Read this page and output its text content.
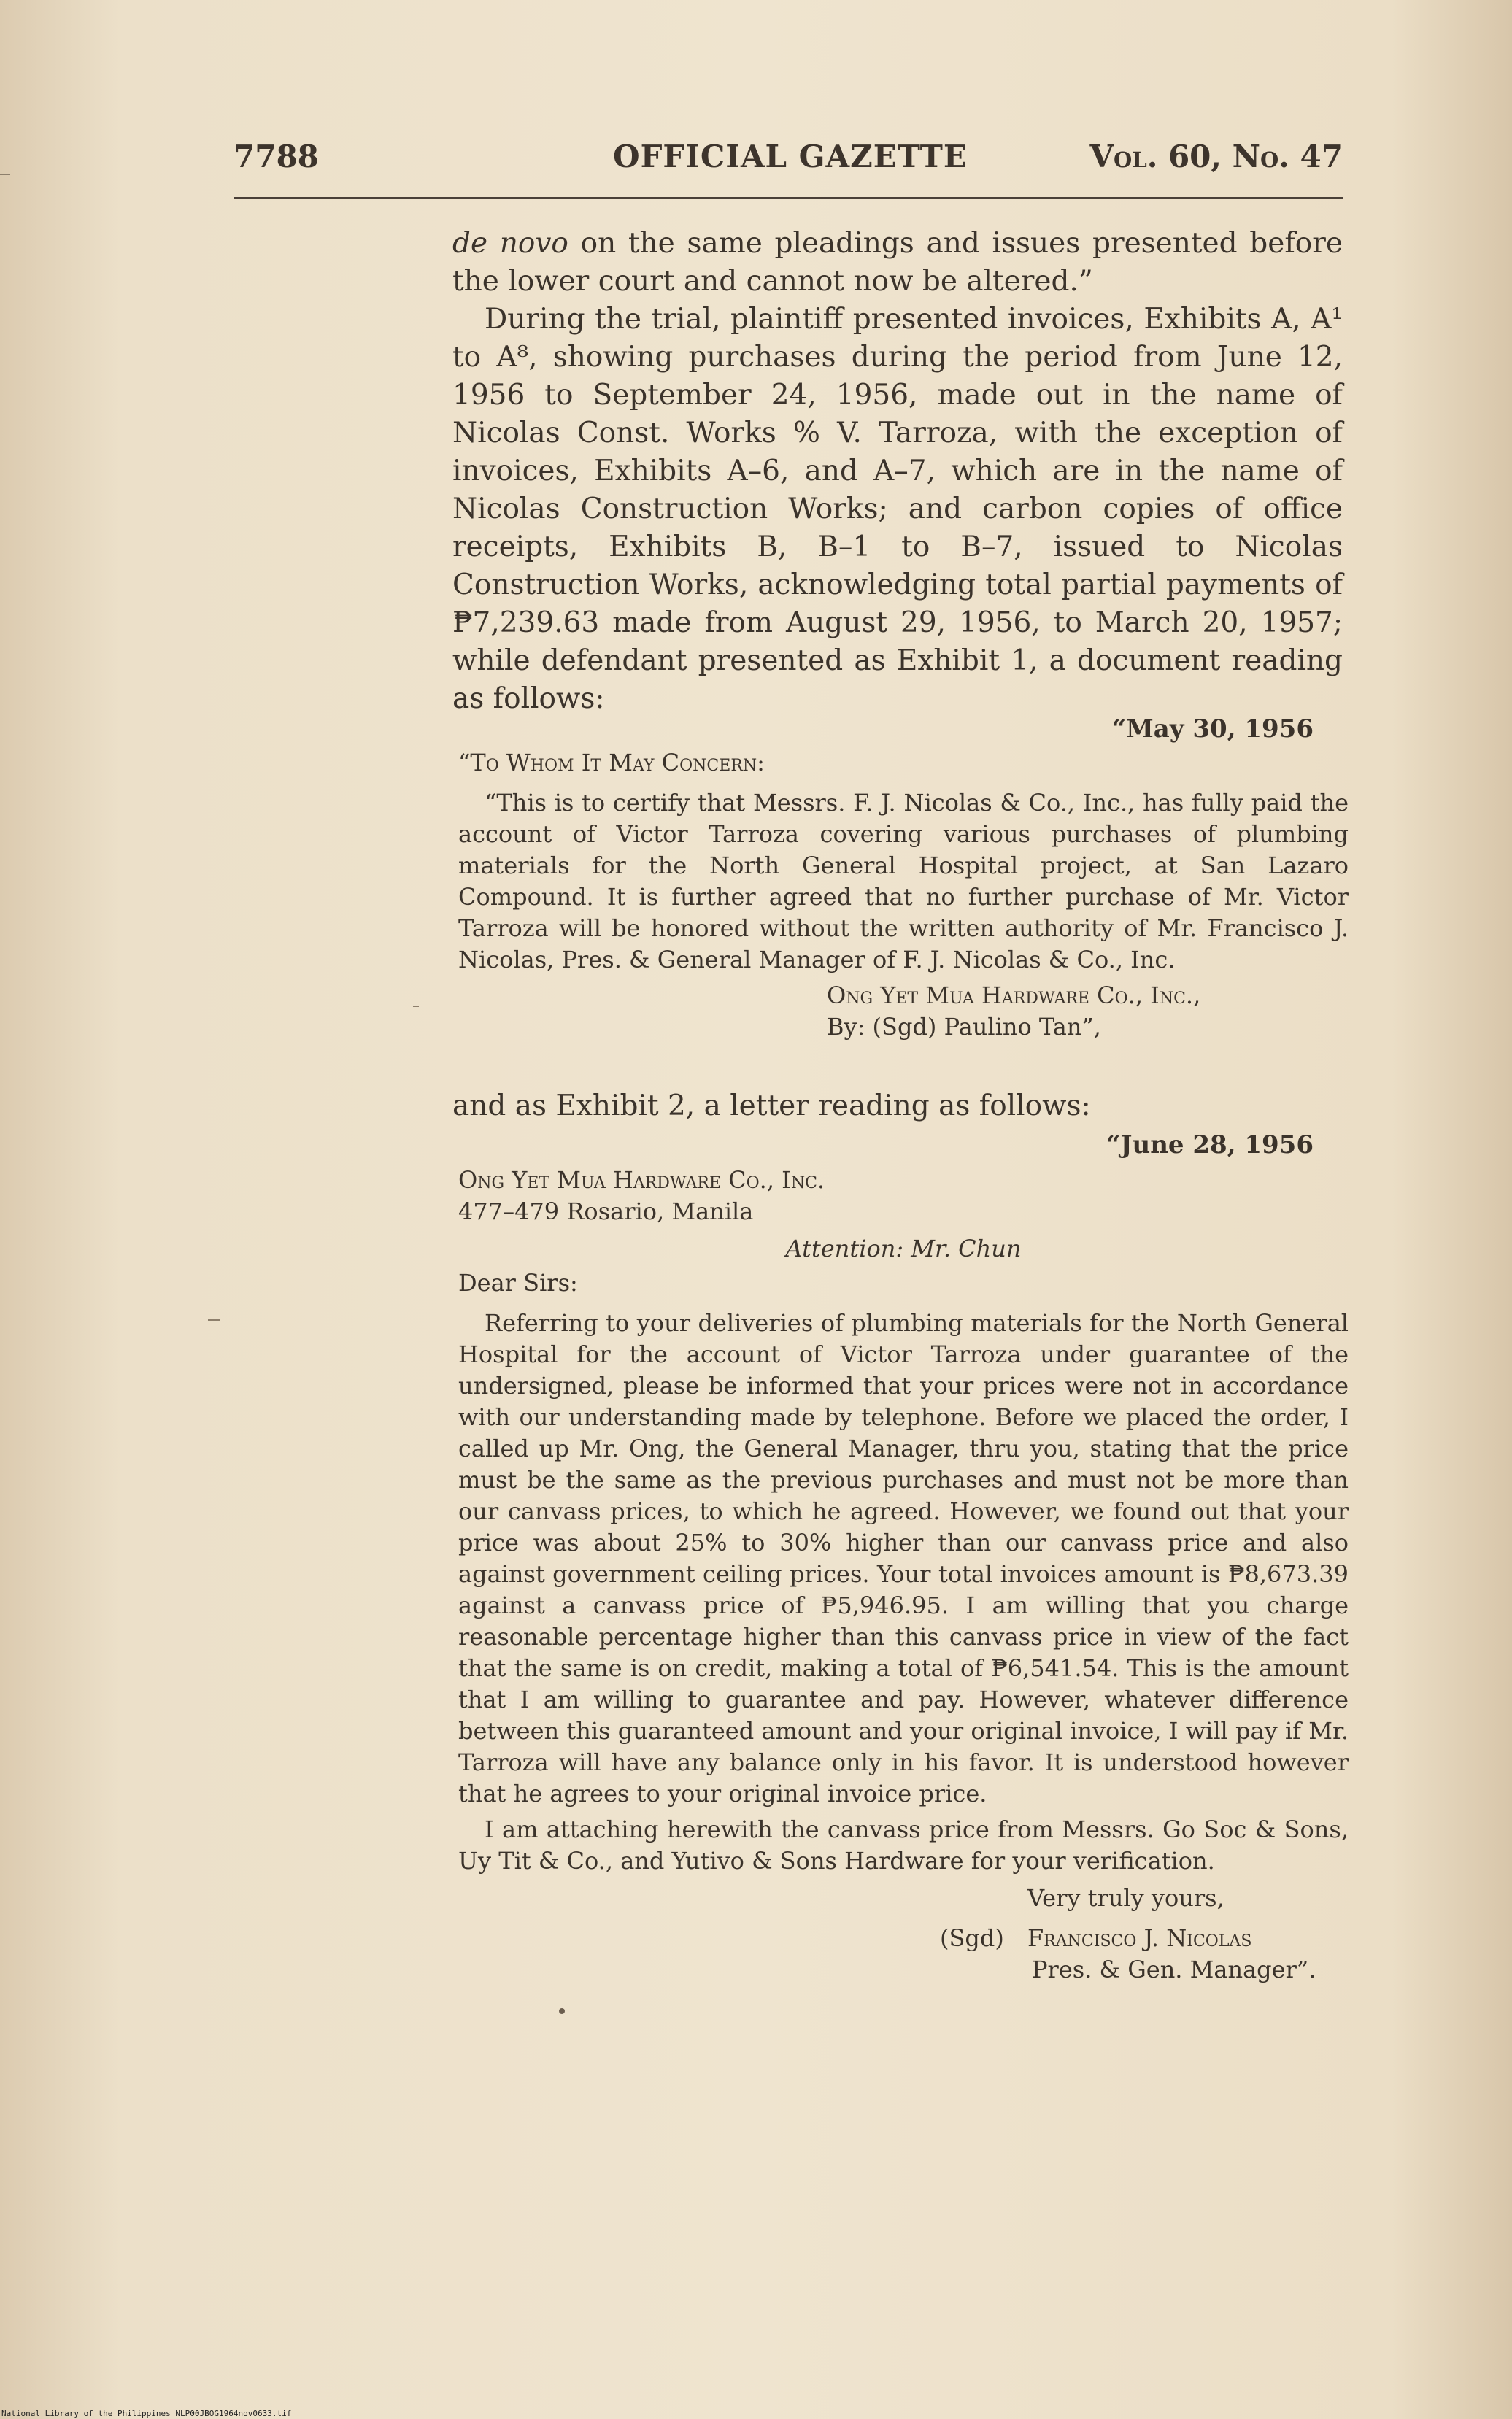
7788	OFFICIAL GAZETTE	Vol. 60, No. 47

de novo on the same pleadings and issues presented before the lower court and cannot now be altered.”

During the trial, plaintiff presented invoices, Exhibits A, A¹ to A⁸, showing purchases during the period from June 12, 1956 to September 24, 1956, made out in the name of Nicolas Const. Works % V. Tarroza, with the exception of invoices, Exhibits A–6, and A–7, which are in the name of Nicolas Construction Works; and carbon copies of office receipts, Exhibits B, B–1 to B–7, issued to Nicolas Construction Works, acknowledging total partial payments of ₱7,239.63 made from August 29, 1956, to March 20, 1957; while defendant presented as Exhibit 1, a document reading as follows:

“May 30, 1956

“To Whom It May Concern:

“This is to certify that Messrs. F. J. Nicolas & Co., Inc., has fully paid the account of Victor Tarroza covering various purchases of plumbing materials for the North General Hospital project, at San Lazaro Compound. It is further agreed that no further purchase of Mr. Victor Tarroza will be honored without the written authority of Mr. Francisco J. Nicolas, Pres. & General Manager of F. J. Nicolas & Co., Inc.

Ong Yet Mua Hardware Co., Inc.,

By: (Sgd) Paulino Tan”,

and as Exhibit 2, a letter reading as follows:

“June 28, 1956

Ong Yet Mua Hardware Co., Inc.

477–479 Rosario, Manila

Attention: Mr. Chun

Dear Sirs:

Referring to your deliveries of plumbing materials for the North General Hospital for the account of Victor Tarroza under guarantee of the undersigned, please be informed that your prices were not in accordance with our understanding made by telephone. Before we placed the order, I called up Mr. Ong, the General Manager, thru you, stating that the price must be the same as the previous purchases and must not be more than our canvass prices, to which he agreed. However, we found out that your price was about 25% to 30% higher than our canvass price and also against government ceiling prices. Your total invoices amount is ₱8,673.39 against a canvass price of ₱5,946.95. I am willing that you charge reasonable percentage higher than this canvass price in view of the fact that the same is on credit, making a total of ₱6,541.54. This is the amount that I am willing to guarantee and pay. However, whatever difference between this guaranteed amount and your original invoice, I will pay if Mr. Tarroza will have any balance only in his favor. It is understood however that he agrees to your original invoice price.

I am attaching herewith the canvass price from Messrs. Go Soc & Sons, Uy Tit & Co., and Yutivo & Sons Hardware for your verification.

Very truly yours,

(Sgd) Francisco J. Nicolas

Pres. & Gen. Manager”.

National Library of the Philippines NLP00JBOG1964nov0633.tif
